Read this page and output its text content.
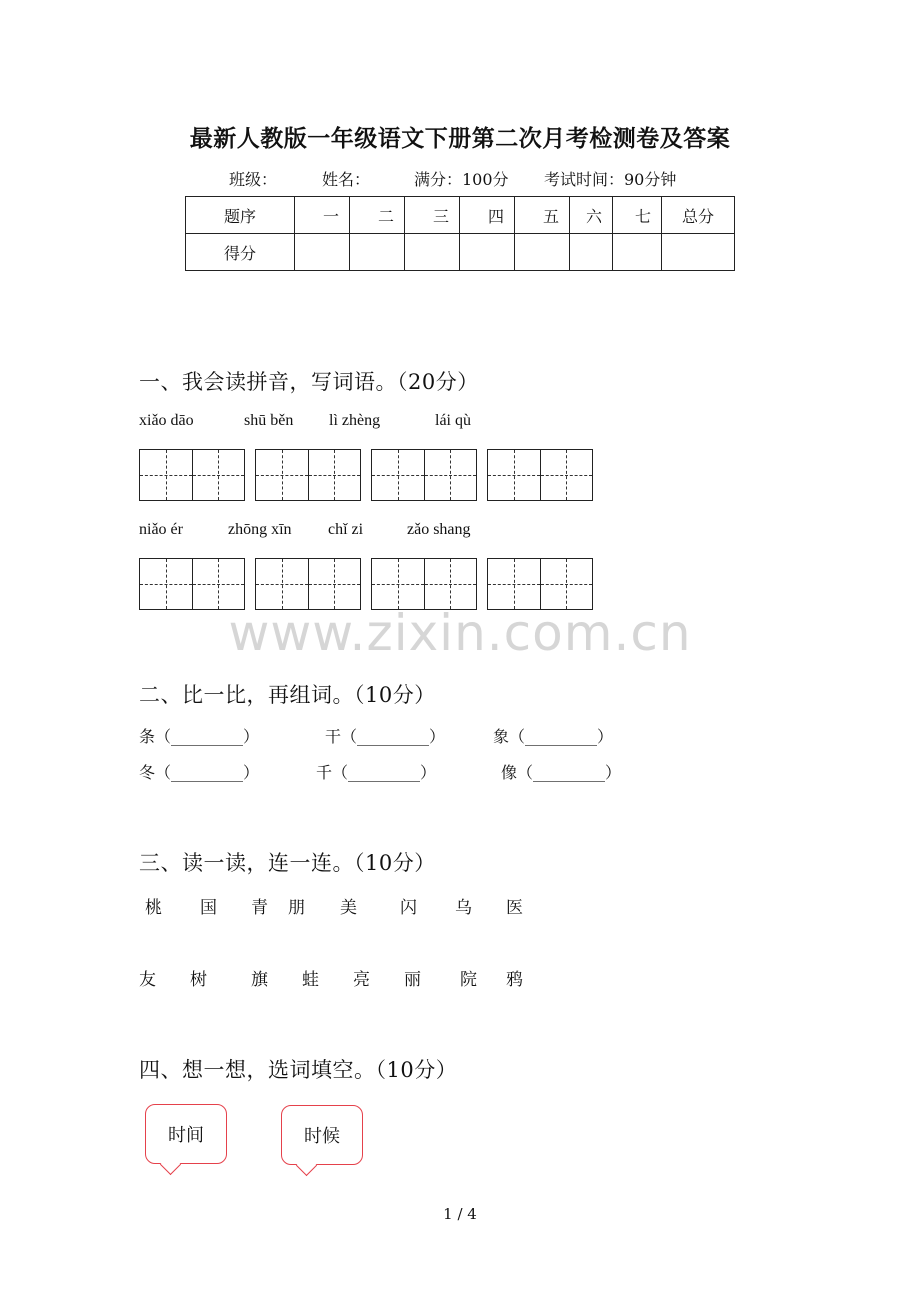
最新人教版一年级语文下册第二次月考检测卷及答案
班级：	姓名：	满分：100分 考试时间：90分钟
题序	一	二	三	四	五	六	七	总分
得分								
一、我会读拼音，写词语。（20分）
xiǎo dāo	shū běn lì zhèng	lái qù
niǎo ér	zhōng xīn chǐ zi	zǎo shang
www.zixin.com.cn
二、比一比，再组词。（10分）
条（_________）	干（_________）	象（_________）
冬（_________）	千（_________）	像（_________）
三、读一读，连一连。（10分）
桃 国 青 朋 美	闪 乌 医
友 树	旗 蛙 亮 丽 院 鸦
四、想一想，选词填空。（10分）
时间	时候
1 / 4
